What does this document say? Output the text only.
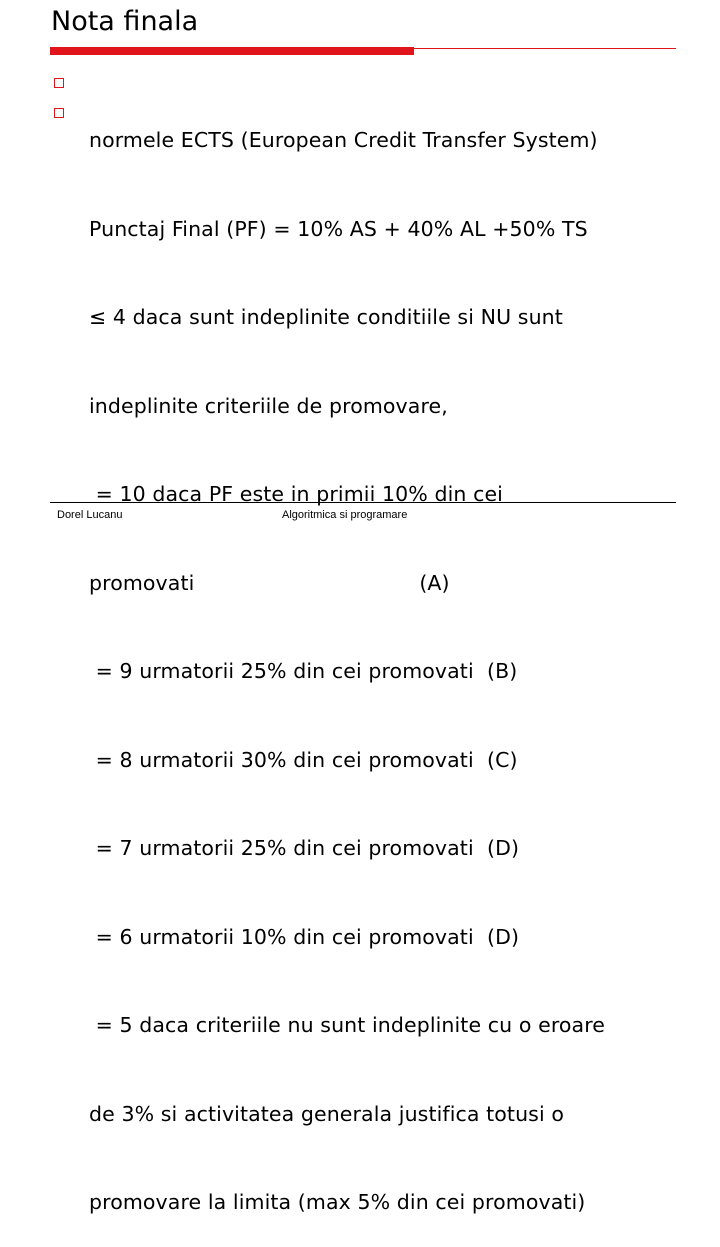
Nota finala

normele ECTS (European Credit Transfer System)

Punctaj Final (PF) = 10% AS + 40% AL +50% TS

≤ 4 daca sunt indeplinite conditiile si NU sunt

indeplinite criteriile de promovare,

= 10 daca PF este in primii 10% din cei

promovati                                  (A)

= 9 urmatorii 25% din cei promovati  (B)

= 8 urmatorii 30% din cei promovati  (C)

= 7 urmatorii 25% din cei promovati  (D)

= 6 urmatorii 10% din cei promovati  (D)

= 5 daca criteriile nu sunt indeplinite cu o eroare

de 3% si activitatea generala justifica totusi o

promovare la limita (max 5% din cei promovati)

Dorel Lucanu	Algoritmica si programare
